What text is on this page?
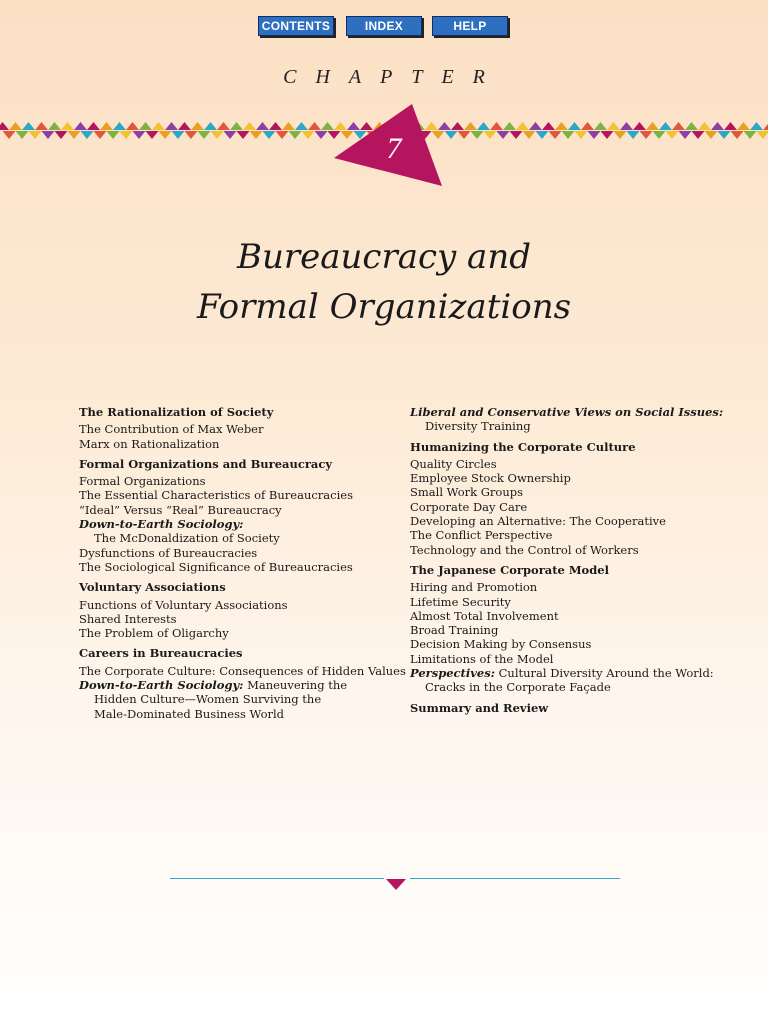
CONTENTS	INDEX	HELP
CHAPTER
7
Bureaucracy and
Formal Organizations
The Rationalization of Society
The Contribution of Max Weber
Marx on Rationalization
Formal Organizations and Bureaucracy
Formal Organizations
The Essential Characteristics of Bureaucracies
“Ideal” Versus “Real” Bureaucracy
Down-to-Earth Sociology:
The McDonaldization of Society
Dysfunctions of Bureaucracies
The Sociological Significance of Bureaucracies
Voluntary Associations
Functions of Voluntary Associations
Shared Interests
The Problem of Oligarchy
Careers in Bureaucracies
The Corporate Culture: Consequences of Hidden Values
Down-to-Earth Sociology: Maneuvering the
Hidden Culture—Women Surviving the
Male-Dominated Business World
Liberal and Conservative Views on Social Issues:
Diversity Training
Humanizing the Corporate Culture
Quality Circles
Employee Stock Ownership
Small Work Groups
Corporate Day Care
Developing an Alternative: The Cooperative
The Conflict Perspective
Technology and the Control of Workers
The Japanese Corporate Model
Hiring and Promotion
Lifetime Security
Almost Total Involvement
Broad Training
Decision Making by Consensus
Limitations of the Model
Perspectives: Cultural Diversity Around the World:
Cracks in the Corporate Façade
Summary and Review
